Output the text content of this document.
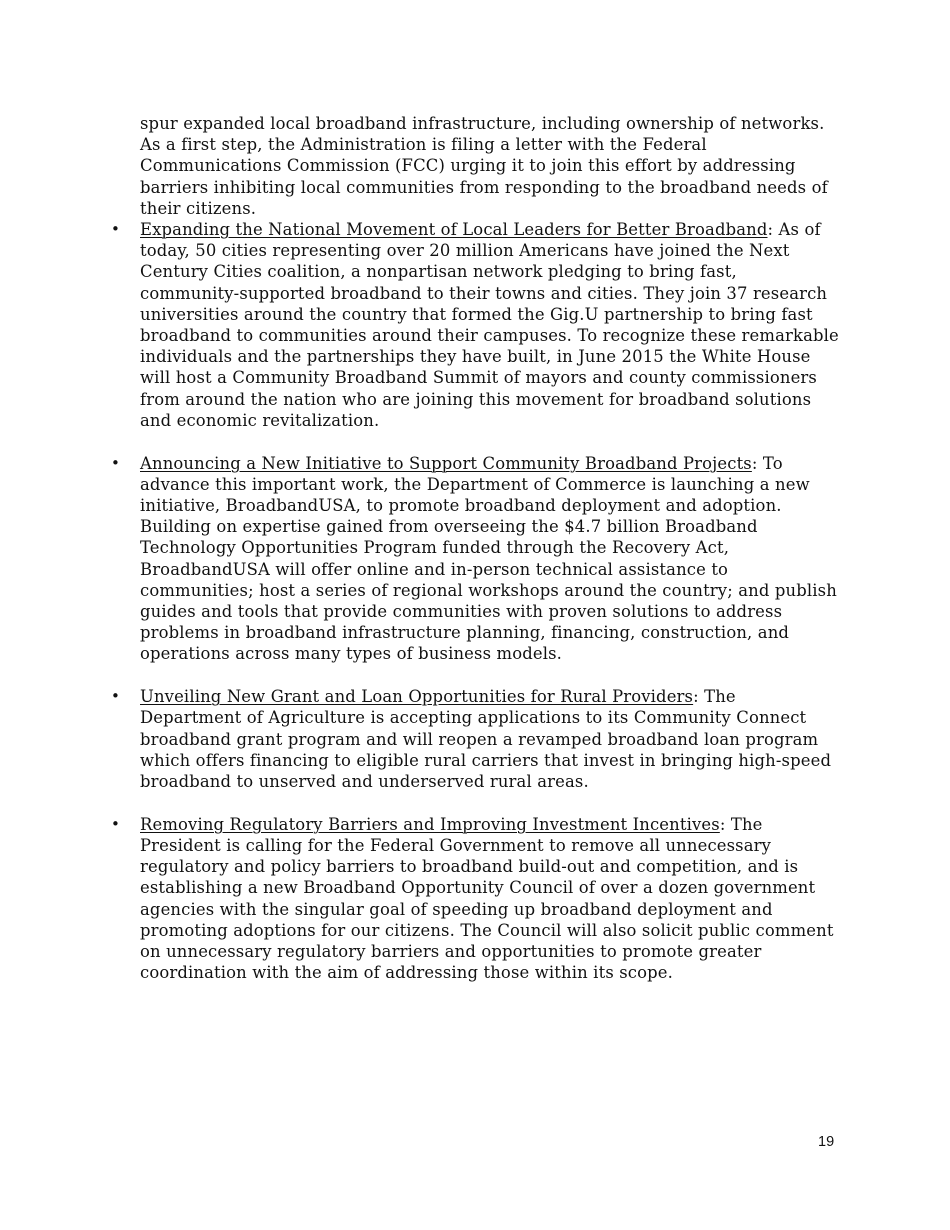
spur expanded local broadband infrastructure, including ownership of networks. As a first step, the Administration is filing a letter with the Federal Communications Commission (FCC) urging it to join this effort by addressing barriers inhibiting local communities from responding to the broadband needs of their citizens.

• Expanding the National Movement of Local Leaders for Better Broadband: As of today, 50 cities representing over 20 million Americans have joined the Next Century Cities coalition, a nonpartisan network pledging to bring fast, community-supported broadband to their towns and cities. They join 37 research universities around the country that formed the Gig.U partnership to bring fast broadband to communities around their campuses. To recognize these remarkable individuals and the partnerships they have built, in June 2015 the White House will host a Community Broadband Summit of mayors and county commissioners from around the nation who are joining this movement for broadband solutions and economic revitalization.
• Announcing a New Initiative to Support Community Broadband Projects: To advance this important work, the Department of Commerce is launching a new initiative, BroadbandUSA, to promote broadband deployment and adoption. Building on expertise gained from overseeing the $4.7 billion Broadband Technology Opportunities Program funded through the Recovery Act, BroadbandUSA will offer online and in-person technical assistance to communities; host a series of regional workshops around the country; and publish guides and tools that provide communities with proven solutions to address problems in broadband infrastructure planning, financing, construction, and operations across many types of business models.
• Unveiling New Grant and Loan Opportunities for Rural Providers: The Department of Agriculture is accepting applications to its Community Connect broadband grant program and will reopen a revamped broadband loan program which offers financing to eligible rural carriers that invest in bringing high-speed broadband to unserved and underserved rural areas.
• Removing Regulatory Barriers and Improving Investment Incentives: The President is calling for the Federal Government to remove all unnecessary regulatory and policy barriers to broadband build-out and competition, and is establishing a new Broadband Opportunity Council of over a dozen government agencies with the singular goal of speeding up broadband deployment and promoting adoptions for our citizens. The Council will also solicit public comment on unnecessary regulatory barriers and opportunities to promote greater coordination with the aim of addressing those within its scope.
19
